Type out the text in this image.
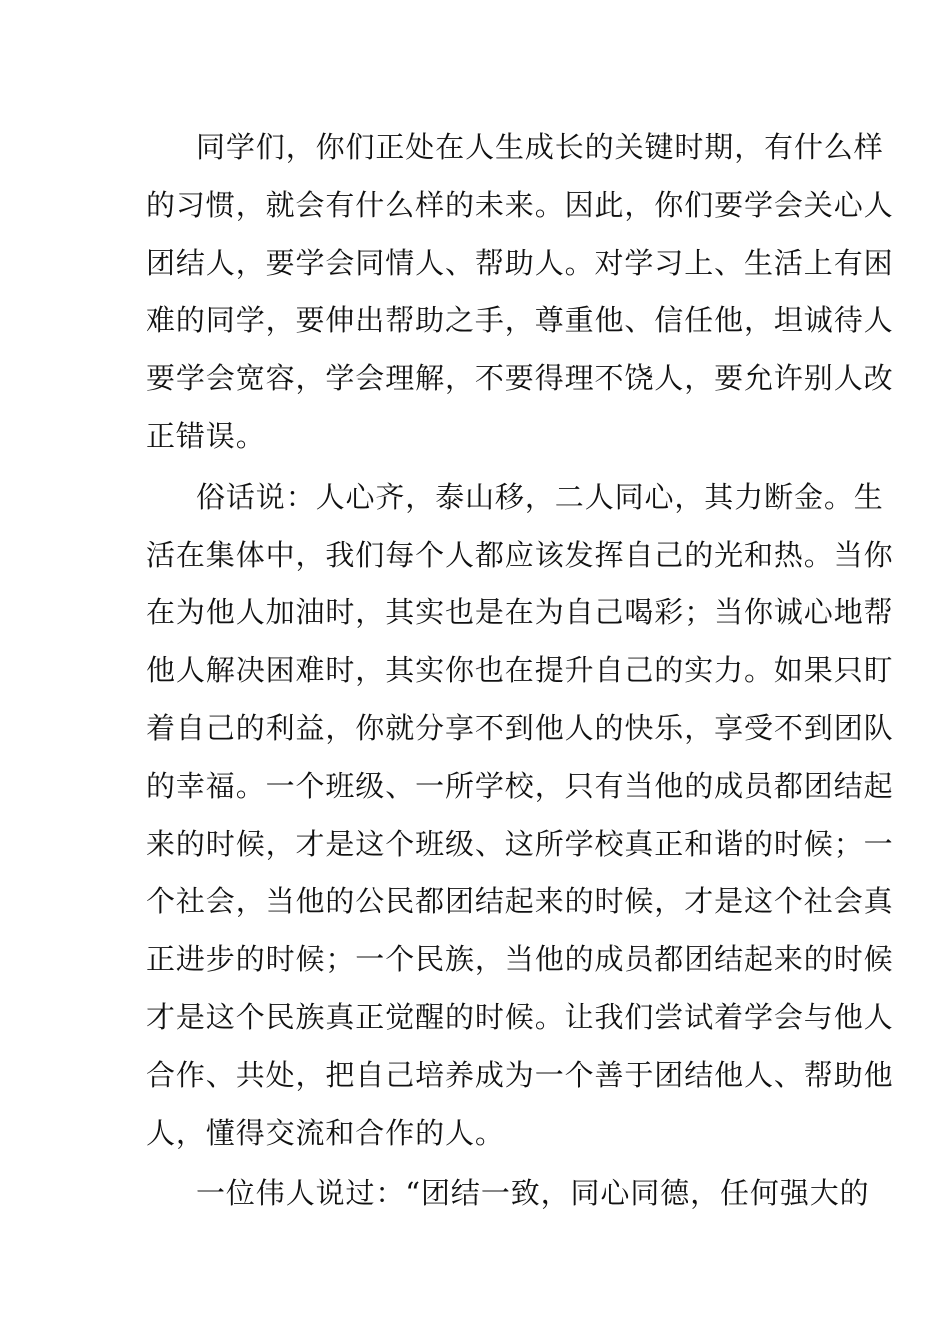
同学们，你们正处在人生成长的关键时期，有什么样
的习惯，就会有什么样的未来。因此，你们要学会关心人
团结人，要学会同情人、帮助人。对学习上、生活上有困
难的同学，要伸出帮助之手，尊重他、信任他，坦诚待人
要学会宽容，学会理解，不要得理不饶人，要允许别人改
正错误。
俗话说：人心齐，泰山移，二人同心，其力断金。生
活在集体中，我们每个人都应该发挥自己的光和热。当你
在为他人加油时，其实也是在为自己喝彩；当你诚心地帮
他人解决困难时，其实你也在提升自己的实力。如果只盯
着自己的利益，你就分享不到他人的快乐，享受不到团队
的幸福。一个班级、一所学校，只有当他的成员都团结起
来的时候，才是这个班级、这所学校真正和谐的时候；一
个社会，当他的公民都团结起来的时候，才是这个社会真
正进步的时候；一个民族，当他的成员都团结起来的时候
才是这个民族真正觉醒的时候。让我们尝试着学会与他人
合作、共处，把自己培养成为一个善于团结他人、帮助他
人，懂得交流和合作的人。
一位伟人说过：“团结一致，同心同德，任何强大的
